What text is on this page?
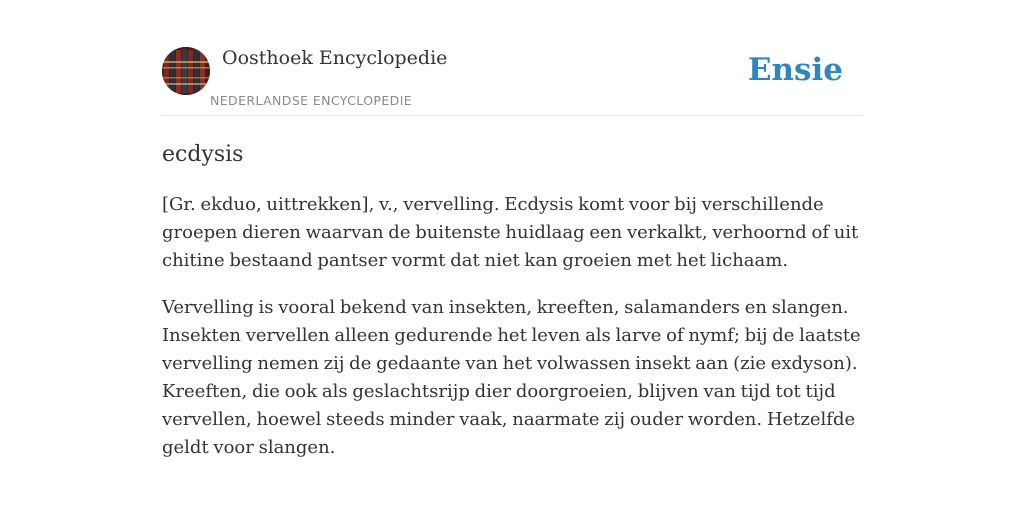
Oosthoek Encyclopedie
NEDERLANDSE ENCYCLOPEDIE
Ensie
ecdysis

[Gr. ekduo, uittrekken], v., vervelling. Ecdysis komt voor bij verschillende groepen dieren waarvan de buitenste huidlaag een verkalkt, verhoornd of uit chitine bestaand pantser vormt dat niet kan groeien met het lichaam.

Vervelling is vooral bekend van insekten, kreeften, salamanders en slangen. Insekten vervellen alleen gedurende het leven als larve of nymf; bij de laatste vervelling nemen zij de gedaante van het volwassen insekt aan (zie exdyson). Kreeften, die ook als geslachtsrijp dier doorgroeien, blijven van tijd tot tijd vervellen, hoewel steeds minder vaak, naarmate zij ouder worden. Hetzelfde geldt voor slangen.
